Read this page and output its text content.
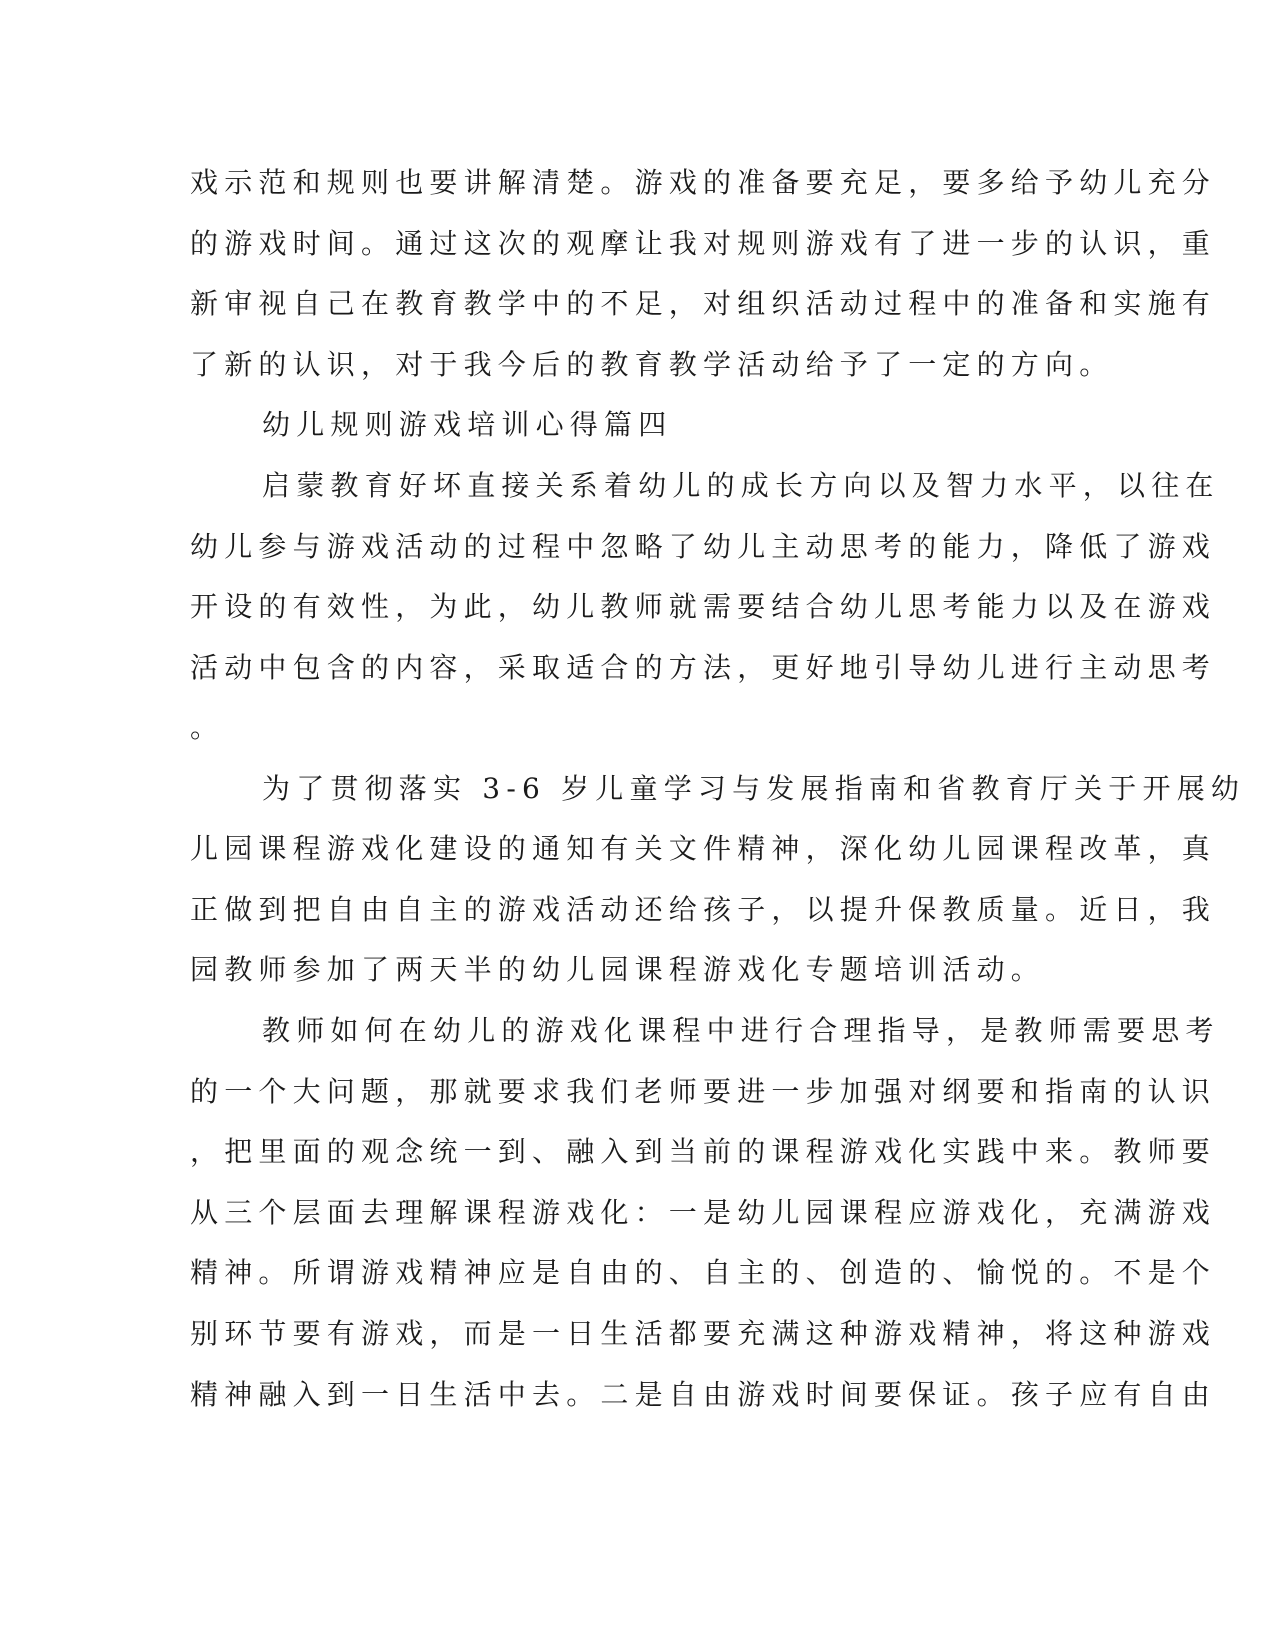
戏示范和规则也要讲解清楚。游戏的准备要充足，要多给予幼儿充分
的游戏时间。通过这次的观摩让我对规则游戏有了进一步的认识，重
新审视自己在教育教学中的不足，对组织活动过程中的准备和实施有
了新的认识，对于我今后的教育教学活动给予了一定的方向。
幼儿规则游戏培训心得篇四
启蒙教育好坏直接关系着幼儿的成长方向以及智力水平，以往在
幼儿参与游戏活动的过程中忽略了幼儿主动思考的能力，降低了游戏
开设的有效性，为此，幼儿教师就需要结合幼儿思考能力以及在游戏
活动中包含的内容，采取适合的方法，更好地引导幼儿进行主动思考
。
为了贯彻落实 3-6 岁儿童学习与发展指南和省教育厅关于开展幼
儿园课程游戏化建设的通知有关文件精神，深化幼儿园课程改革，真
正做到把自由自主的游戏活动还给孩子，以提升保教质量。近日，我
园教师参加了两天半的幼儿园课程游戏化专题培训活动。
教师如何在幼儿的游戏化课程中进行合理指导，是教师需要思考
的一个大问题，那就要求我们老师要进一步加强对纲要和指南的认识
，把里面的观念统一到、融入到当前的课程游戏化实践中来。教师要
从三个层面去理解课程游戏化：一是幼儿园课程应游戏化，充满游戏
精神。所谓游戏精神应是自由的、自主的、创造的、愉悦的。不是个
别环节要有游戏，而是一日生活都要充满这种游戏精神，将这种游戏
精神融入到一日生活中去。二是自由游戏时间要保证。孩子应有自由
